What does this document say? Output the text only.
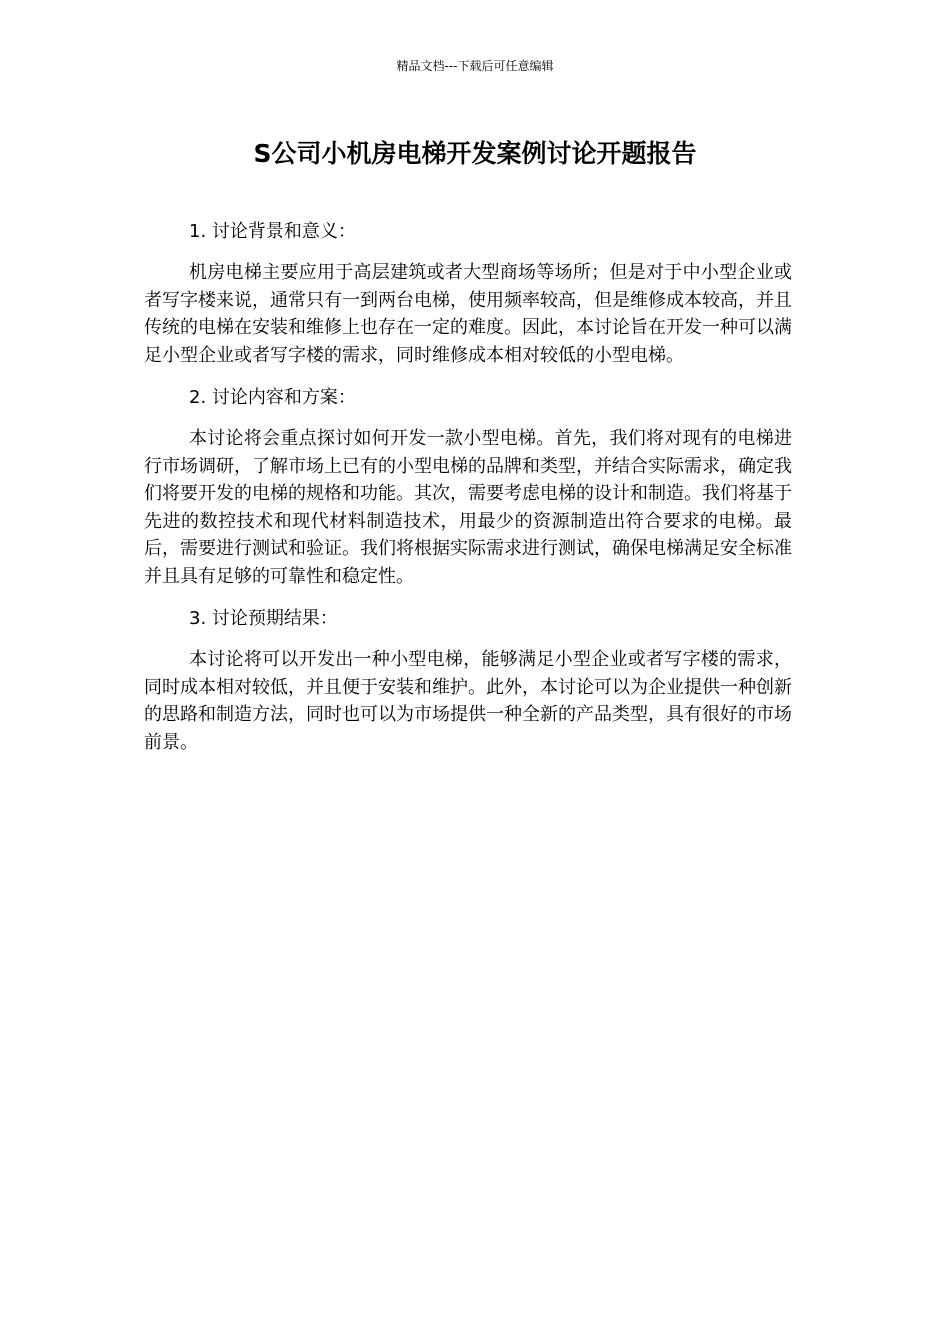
精品文档---下载后可任意编辑
S公司小机房电梯开发案例讨论开题报告

1. 讨论背景和意义：

机房电梯主要应用于高层建筑或者大型商场等场所；但是对于中小型企业或者写字楼来说，通常只有一到两台电梯，使用频率较高，但是维修成本较高，并且传统的电梯在安装和维修上也存在一定的难度。因此，本讨论旨在开发一种可以满足小型企业或者写字楼的需求，同时维修成本相对较低的小型电梯。

2. 讨论内容和方案：

本讨论将会重点探讨如何开发一款小型电梯。首先，我们将对现有的电梯进行市场调研，了解市场上已有的小型电梯的品牌和类型，并结合实际需求，确定我们将要开发的电梯的规格和功能。其次，需要考虑电梯的设计和制造。我们将基于先进的数控技术和现代材料制造技术，用最少的资源制造出符合要求的电梯。最后，需要进行测试和验证。我们将根据实际需求进行测试，确保电梯满足安全标准并且具有足够的可靠性和稳定性。

3. 讨论预期结果：

本讨论将可以开发出一种小型电梯，能够满足小型企业或者写字楼的需求，同时成本相对较低，并且便于安装和维护。此外，本讨论可以为企业提供一种创新的思路和制造方法，同时也可以为市场提供一种全新的产品类型，具有很好的市场前景。
